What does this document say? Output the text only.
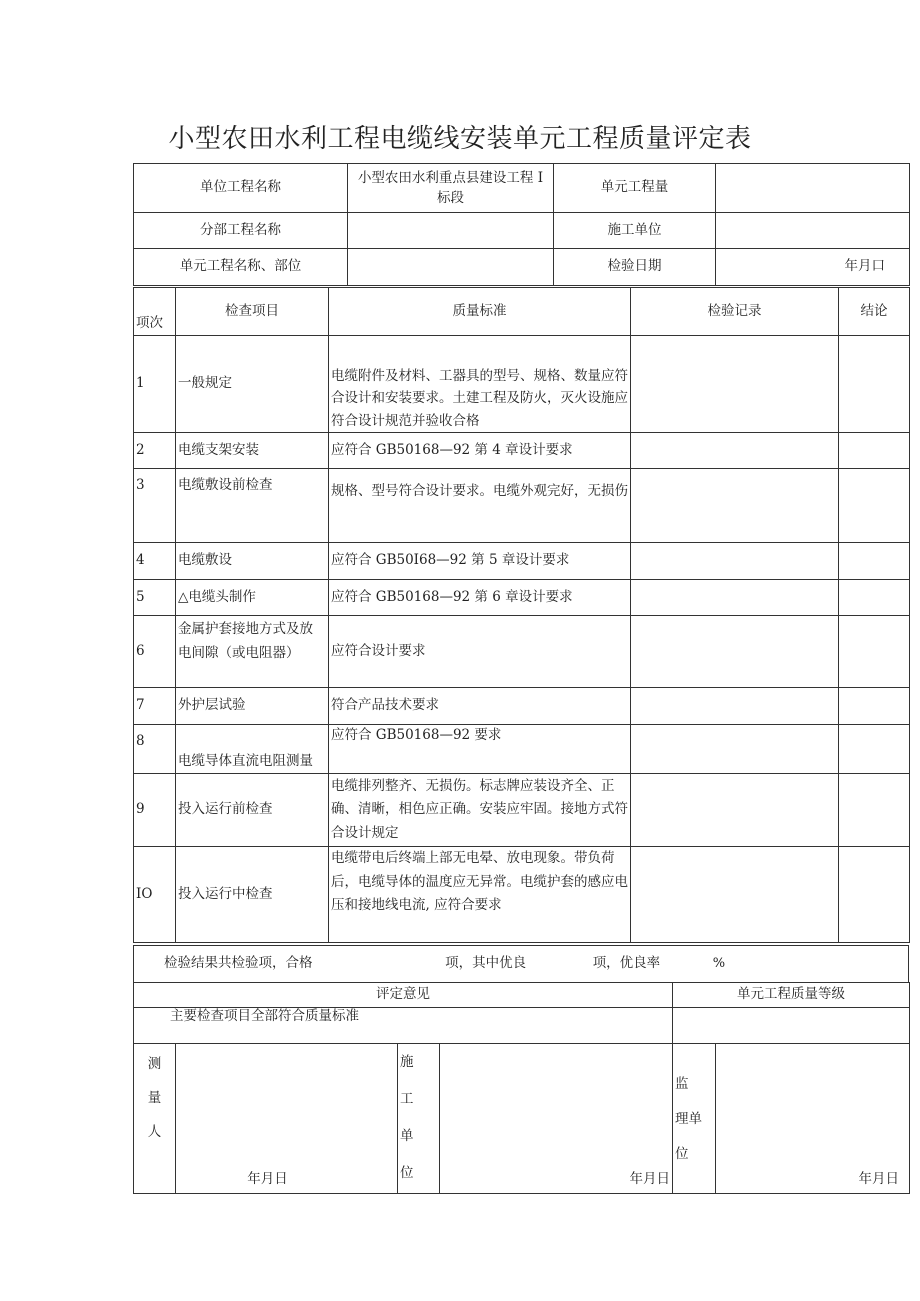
小型农田水利工程电缆线安装单元工程质量评定表
单位工程名称	小型农田水利重点县建设工程 I 标段	单元工程量	
分部工程名称		施工单位	
单元工程名称、部位		检验日期	年月口
项次	检查项目	质量标准	检验记录	结论
1	一般规定	电缆附件及材料、工器具的型号、规格、数量应符合设计和安装要求。土建工程及防火，灭火设施应符合设计规范并验收合格		
2	电缆支架安装	应符合 GB50168—92 第 4 章设计要求		
3	电缆敷设前检查	规格、型号符合设计要求。电缆外观完好，无损伤		
4	电缆敷设	应符合 GB50I68—92 第 5 章设计要求		
5	△电缆头制作	应符合 GB50168—92 第 6 章设计要求		
6	金属护套接地方式及放电间隙（或电阻器）	应符合设计要求		
7	外护层试验	符合产品技术要求		
8	电缆导体直流电阻测量	应符合 GB50168—92 要求		
9	投入运行前检查	电缆排列整齐、无损伤。标志牌应装设齐全、正确、清晰，相色应正确。安装应牢固。接地方式符合设计规定		
IO	投入运行中检查	电缆带电后终端上部无电晕、放电现象。带负荷后，电缆导体的温度应无异常。电缆护套的感应电压和接地线电流, 应符合要求		
检验结果共检验项，合格	项，其中优良	项，优良率	%
评定意见	单元工程质量等级
主要检查项目全部符合质量标准	
测
量
人
	年月日	
施
工
单
位	年月日	
监
理单
位
	年月日
